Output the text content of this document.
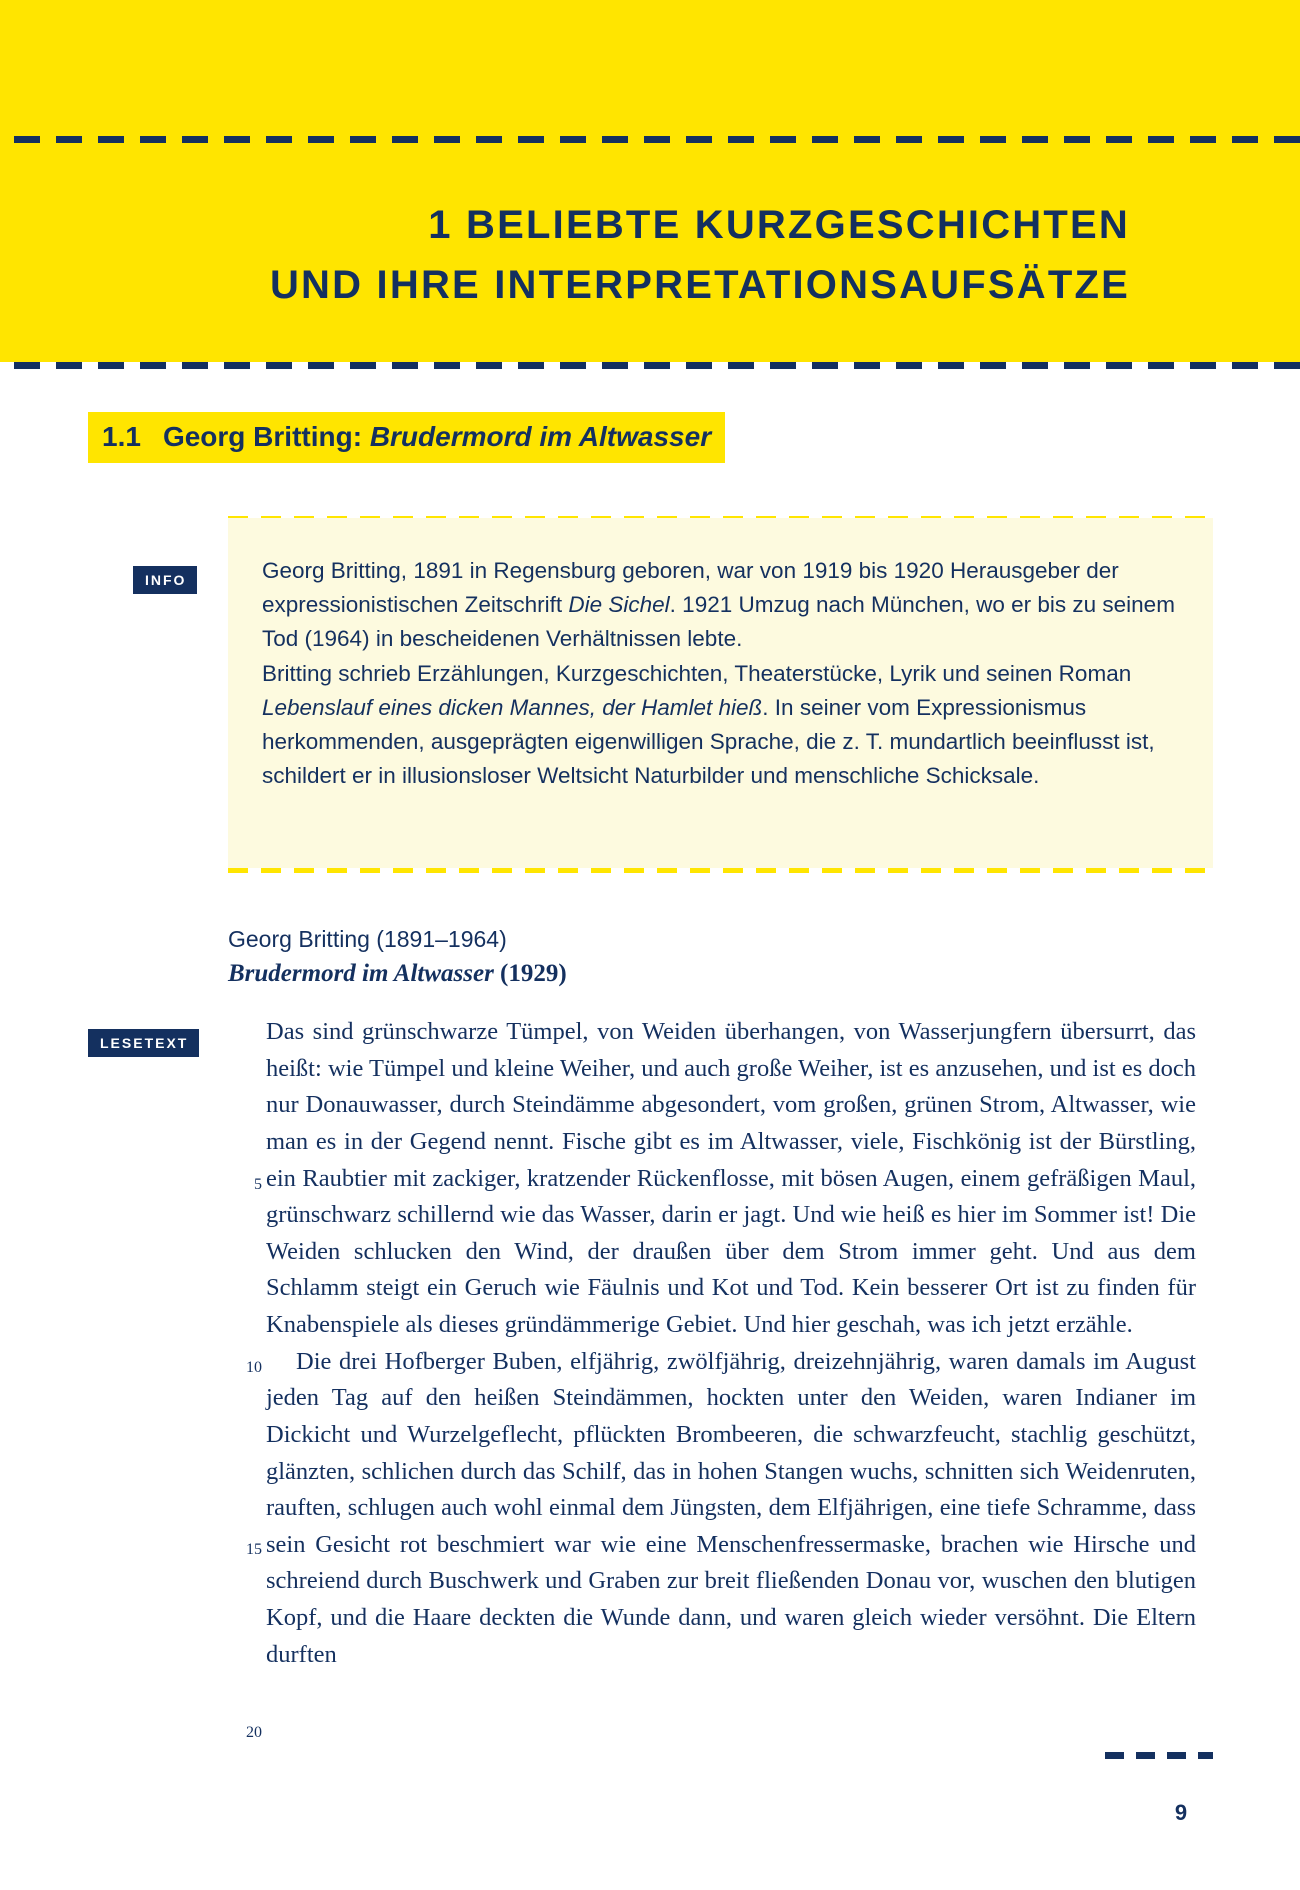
1 BELIEBTE KURZGESCHICHTEN
UND IHRE INTERPRETATIONSAUFSÄTZE
1.1 Georg Britting: Brudermord im Altwasser
INFO	Georg Britting, 1891 in Regensburg geboren, war von 1919 bis 1920 Herausgeber der expressionistischen Zeitschrift Die Sichel. 1921 Umzug nach München, wo er bis zu seinem Tod (1964) in bescheidenen Verhältnissen lebte.
Britting schrieb Erzählungen, Kurzgeschichten, Theaterstücke, Lyrik und seinen Roman Lebenslauf eines dicken Mannes, der Hamlet hieß. In seiner vom Expressionismus herkommenden, ausgeprägten eigenwilligen Sprache, die z. T. mundartlich beeinflusst ist, schildert er in illusionsloser Weltsicht Naturbilder und menschliche Schicksale.
Georg Britting (1891–1964)
Brudermord im Altwasser (1929)
LESETEXT
5
10
15
20

Das sind grünschwarze Tümpel, von Weiden überhangen, von Wasserjungfern übersurrt, das heißt: wie Tümpel und kleine Weiher, und auch große Weiher, ist es anzusehen, und ist es doch nur Donauwasser, durch Steindämme abgesondert, vom großen, grünen Strom, Altwasser, wie man es in der Gegend nennt. Fische gibt es im Altwasser, viele, Fischkönig ist der Bürstling, ein Raubtier mit zackiger, kratzender Rückenflosse, mit bösen Augen, einem gefräßigen Maul, grünschwarz schillernd wie das Wasser, darin er jagt. Und wie heiß es hier im Sommer ist! Die Weiden schlucken den Wind, der draußen über dem Strom immer geht. Und aus dem Schlamm steigt ein Geruch wie Fäulnis und Kot und Tod. Kein besserer Ort ist zu finden für Knabenspiele als dieses gründämmerige Gebiet. Und hier geschah, was ich jetzt erzähle.

Die drei Hofberger Buben, elfjährig, zwölfjährig, dreizehnjährig, waren damals im August jeden Tag auf den heißen Steindämmen, hockten unter den Weiden, waren Indianer im Dickicht und Wurzelgeflecht, pflückten Brombeeren, die schwarzfeucht, stachlig geschützt, glänzten, schlichen durch das Schilf, das in hohen Stangen wuchs, schnitten sich Weidenruten, rauften, schlugen auch wohl einmal dem Jüngsten, dem Elfjährigen, eine tiefe Schramme, dass sein Gesicht rot beschmiert war wie eine Menschenfressermaske, brachen wie Hirsche und schreiend durch Buschwerk und Graben zur breit fließenden Donau vor, wuschen den blutigen Kopf, und die Haare deckten die Wunde dann, und waren gleich wieder versöhnt. Die Eltern durften

9
